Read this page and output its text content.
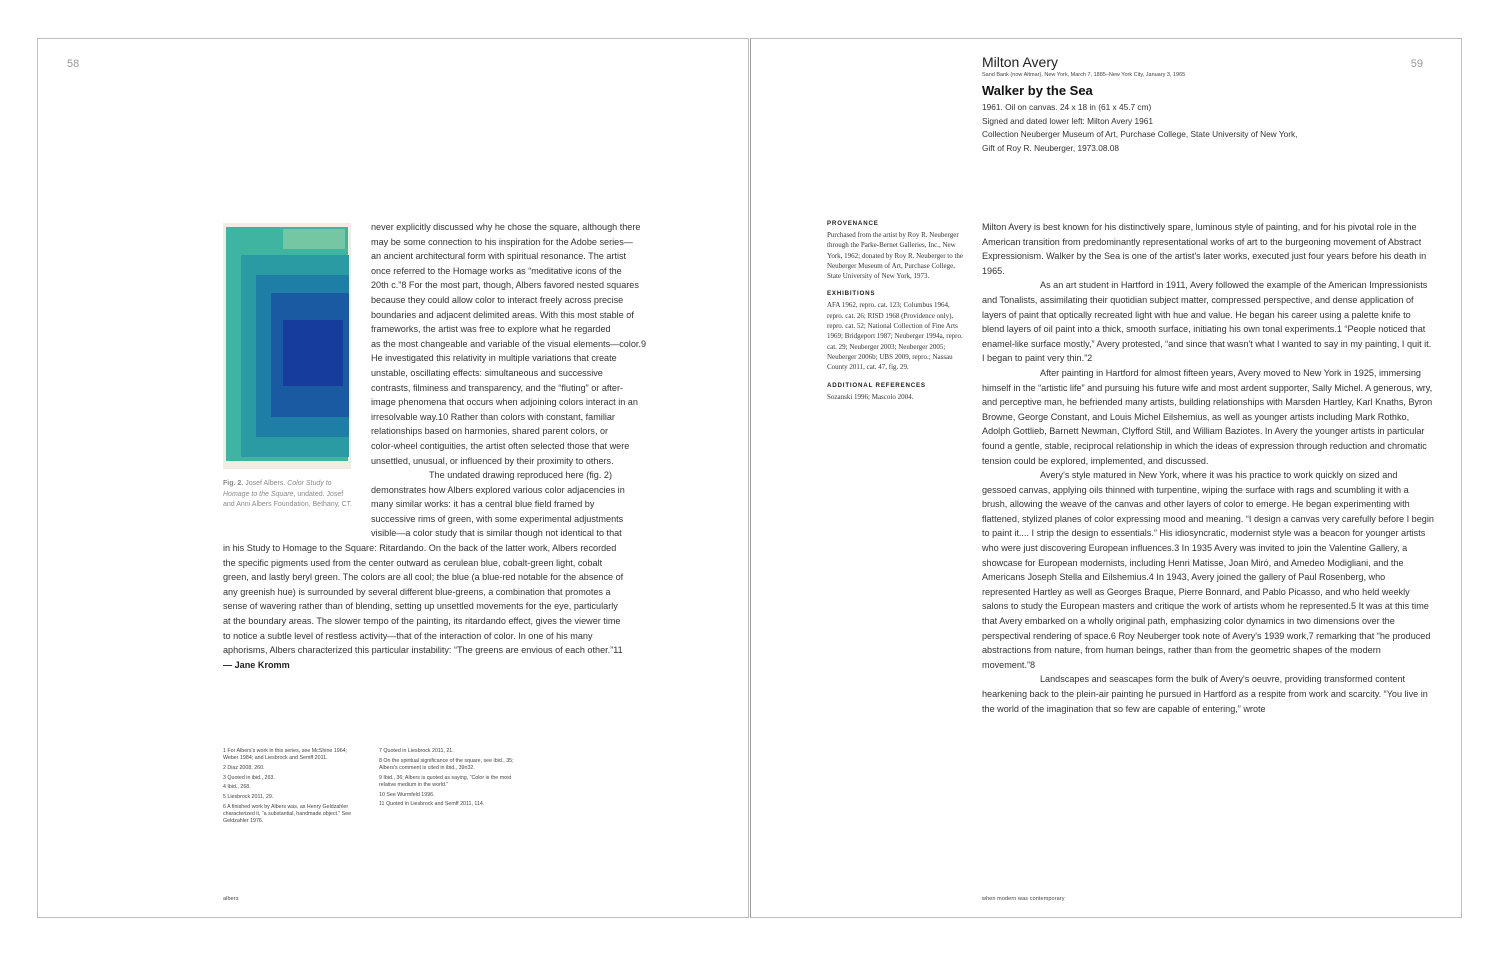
58
Fig. 2. Josef Albers. Color Study to Homage to the Square, undated. Josef and Anni Albers Foundation, Bethany, CT.
never explicitly discussed why he chose the square, although there
may be some connection to his inspiration for the Adobe series—
an ancient architectural form with spiritual resonance. The artist
once referred to the Homage works as “meditative icons of the
20th c.”8 For the most part, though, Albers favored nested squares
because they could allow color to interact freely across precise
boundaries and adjacent delimited areas. With this most stable of
frameworks, the artist was free to explore what he regarded
as the most changeable and variable of the visual elements—color.9
He investigated this relativity in multiple variations that create
unstable, oscillating effects: simultaneous and successive
contrasts, filminess and transparency, and the “fluting” or after-
image phenomena that occurs when adjoining colors interact in an
irresolvable way.10 Rather than colors with constant, familiar
relationships based on harmonies, shared parent colors, or
color-wheel contiguities, the artist often selected those that were
unsettled, unusual, or influenced by their proximity to others.
The undated drawing reproduced here (fig. 2)
demonstrates how Albers explored various color adjacencies in
many similar works: it has a central blue field framed by
successive rims of green, with some experimental adjustments
visible—a color study that is similar though not identical to that
in his Study to Homage to the Square: Ritardando. On the back of the latter work, Albers recorded
the specific pigments used from the center outward as cerulean blue, cobalt-green light, cobalt
green, and lastly beryl green. The colors are all cool; the blue (a blue-red notable for the absence of
any greenish hue) is surrounded by several different blue-greens, a combination that promotes a
sense of wavering rather than of blending, setting up unsettled movements for the eye, particularly
at the boundary areas. The slower tempo of the painting, its ritardando effect, gives the viewer time
to notice a subtle level of restless activity—that of the interaction of color. In one of his many
aphorisms, Albers characterized this particular instability: “The greens are envious of each other.”11
— Jane Kromm
1 For Albers's work in this series, see McShine 1964; Weber 1984; and Liesbrock and Semff 2011.
2 Diaz 2008, 260.
3 Quoted in ibid., 263.
4 Ibid., 268.
5 Liesbrock 2011, 29.
6 A finished work by Albers was, as Henry Geldzahler characterized it, “a substantial, handmade object.” See Geldzahler 1976.
7 Quoted in Liesbrock 2011, 21.
8 On the spiritual significance of the square, see ibid., 35; Albers's comment is cited in ibid., 39n32.
9 Ibid., 36; Albers is quoted as saying, “Color is the most relative medium in the world.”
10 See Wurmfeld 1996.
11 Quoted in Liesbrock and Semff 2011, 114.
albers
59
Milton Avery
Sand Bank (now Altmar), New York, March 7, 1885–New York City, January 3, 1965
Walker by the Sea
1961. Oil on canvas. 24 x 18 in (61 x 45.7 cm)
Signed and dated lower left: Milton Avery 1961
Collection Neuberger Museum of Art, Purchase College, State University of New York,
Gift of Roy R. Neuberger, 1973.08.08
PROVENANCE

Purchased from the artist by Roy R. Neuberger through the Parke-Bernet Galleries, Inc., New York, 1962; donated by Roy R. Neuberger to the Neuberger Museum of Art, Purchase College, State University of New York, 1973.

EXHIBITIONS

AFA 1962, repro. cat. 123; Columbus 1964, repro. cat. 26; RISD 1968 (Providence only), repro. cat. 52; National Collection of Fine Arts 1969; Bridgeport 1987; Neuberger 1994a, repro. cat. 29; Neuberger 2003; Neuberger 2005; Neuberger 2006b; UBS 2009, repro.; Nassau County 2011, cat. 47, fig. 29.

ADDITIONAL REFERENCES

Sozanski 1996; Mascolo 2004.

Milton Avery is best known for his distinctively spare, luminous style of painting, and for his pivotal role in the American transition from predominantly representational works of art to the burgeoning movement of Abstract Expressionism. Walker by the Sea is one of the artist's later works, executed just four years before his death in 1965.

As an art student in Hartford in 1911, Avery followed the example of the American Impressionists and Tonalists, assimilating their quotidian subject matter, compressed perspective, and dense application of layers of paint that optically recreated light with hue and value. He began his career using a palette knife to blend layers of oil paint into a thick, smooth surface, initiating his own tonal experiments.1 “People noticed that enamel-like surface mostly,” Avery protested, “and since that wasn't what I wanted to say in my painting, I quit it. I began to paint very thin.”2

After painting in Hartford for almost fifteen years, Avery moved to New York in 1925, immersing himself in the “artistic life” and pursuing his future wife and most ardent supporter, Sally Michel. A generous, wry, and perceptive man, he befriended many artists, building relationships with Marsden Hartley, Karl Knaths, Byron Browne, George Constant, and Louis Michel Eilshemius, as well as younger artists including Mark Rothko, Adolph Gottlieb, Barnett Newman, Clyfford Still, and William Baziotes. In Avery the younger artists in particular found a gentle, stable, reciprocal relationship in which the ideas of expression through reduction and chromatic tension could be explored, implemented, and discussed.

Avery's style matured in New York, where it was his practice to work quickly on sized and gessoed canvas, applying oils thinned with turpentine, wiping the surface with rags and scumbling it with a brush, allowing the weave of the canvas and other layers of color to emerge. He began experimenting with flattened, stylized planes of color expressing mood and meaning. “I design a canvas very carefully before I begin to paint it.... I strip the design to essentials.” His idiosyncratic, modernist style was a beacon for younger artists who were just discovering European influences.3 In 1935 Avery was invited to join the Valentine Gallery, a showcase for European modernists, including Henri Matisse, Joan Miró, and Amedeo Modigliani, and the Americans Joseph Stella and Eilshemius.4 In 1943, Avery joined the gallery of Paul Rosenberg, who represented Hartley as well as Georges Braque, Pierre Bonnard, and Pablo Picasso, and who held weekly salons to study the European masters and critique the work of artists whom he represented.5 It was at this time that Avery embarked on a wholly original path, emphasizing color dynamics in two dimensions over the perspectival rendering of space.6 Roy Neuberger took note of Avery's 1939 work,7 remarking that “he produced abstractions from nature, from human beings, rather than from the geometric shapes of the modern movement.”8

Landscapes and seascapes form the bulk of Avery's oeuvre, providing transformed content hearkening back to the plein-air painting he pursued in Hartford as a respite from work and scarcity. “You live in the world of the imagination that so few are capable of entering,” wrote

when modern was contemporary
